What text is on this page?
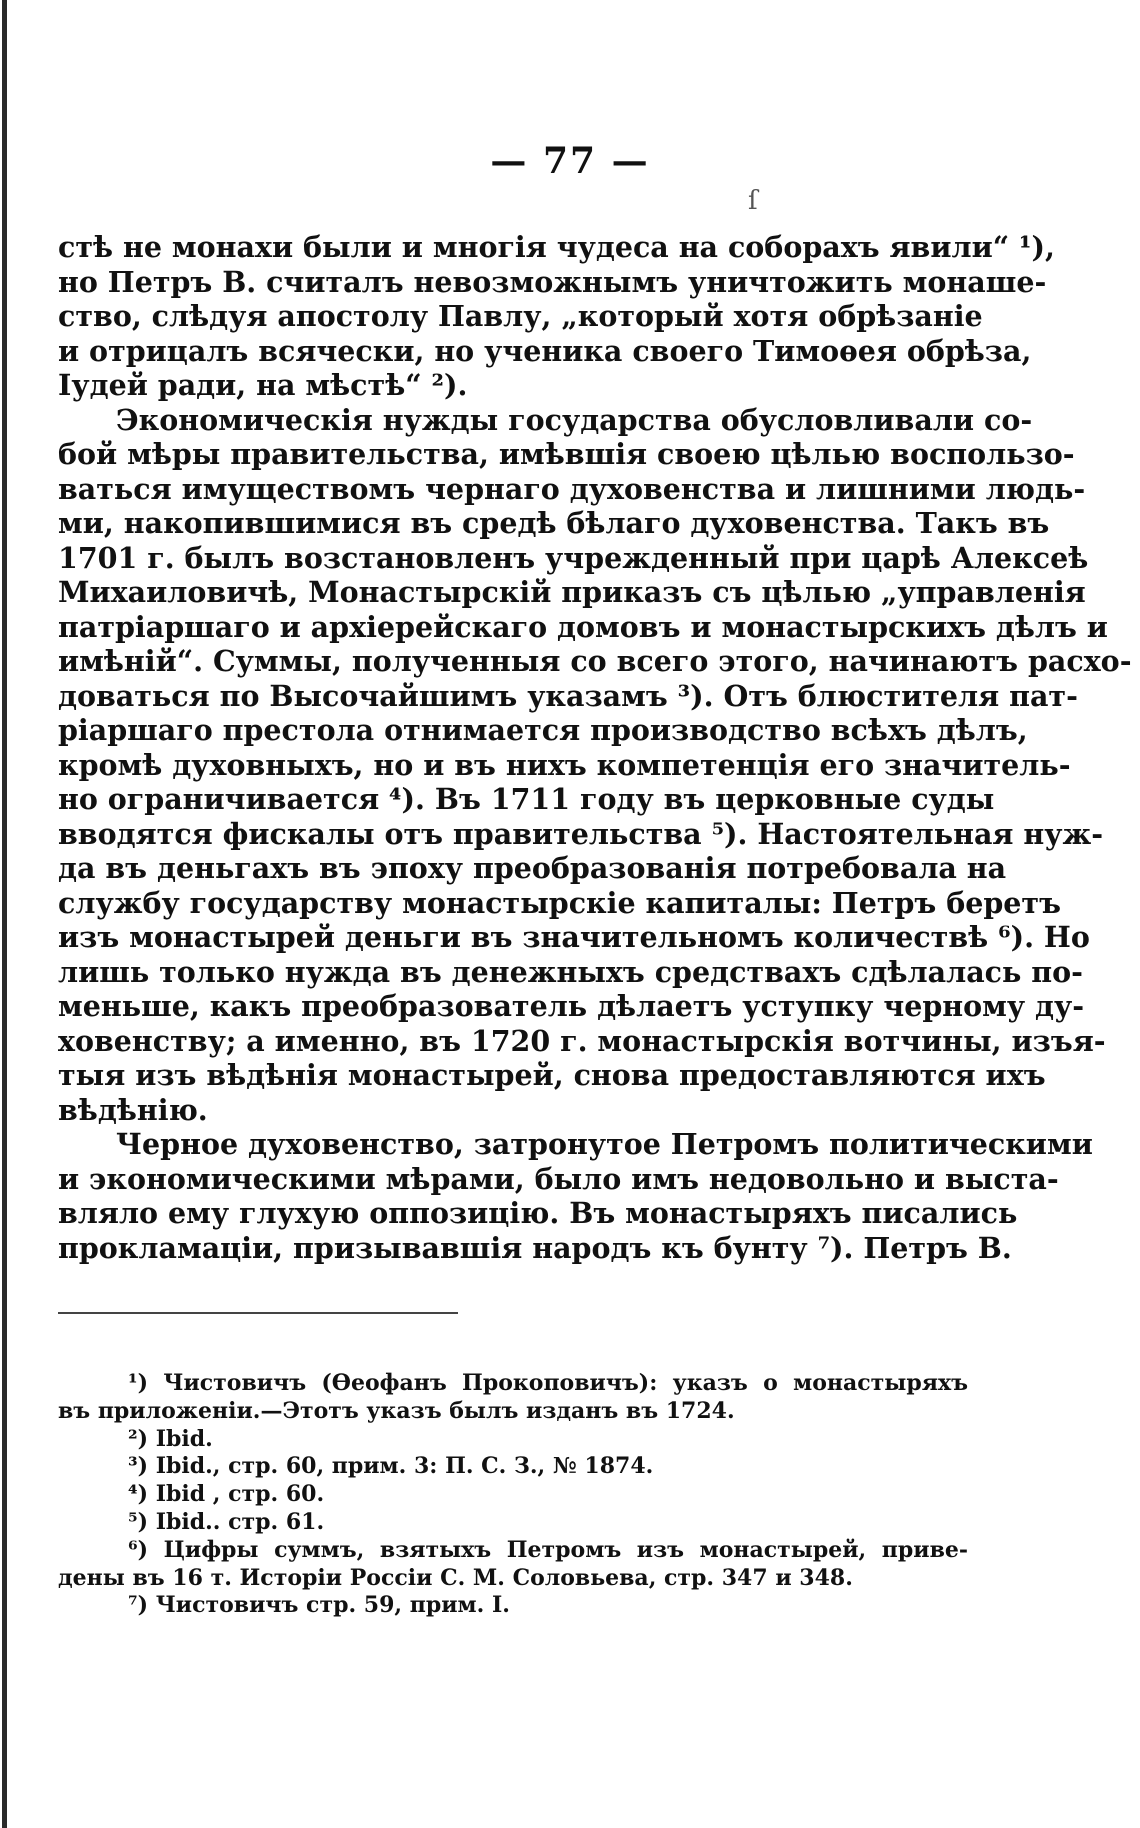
— 77 —
ſ
стѣ не монахи были и многія чудеса на соборахъ явили“ ¹),
но Петръ В. считалъ невозможнымъ уничтожить монаше-
ство, слѣдуя апостолу Павлу, „который хотя обрѣзаніе
и отрицалъ всячески, но ученика своего Тимоѳея обрѣза,
Іудей ради, на мѣстѣ“ ²).
Экономическія нужды государства обусловливали со-
бой мѣры правительства, имѣвшія своею цѣлью воспользо-
ваться имуществомъ чернаго духовенства и лишними людь-
ми, накопившимися въ средѣ бѣлаго духовенства. Такъ въ
1701 г. былъ возстановленъ учрежденный при царѣ Алексеѣ
Михаиловичѣ, Монастырскій приказъ съ цѣлью „управленія
патріаршаго и архіерейскаго домовъ и монастырскихъ дѣлъ и
имѣній“. Суммы, полученныя со всего этого, начинаютъ расхо-
доваться по Высочайшимъ указамъ ³). Отъ блюстителя пат-
ріаршаго престола отнимается производство всѣхъ дѣлъ,
кромѣ духовныхъ, но и въ нихъ компетенція его значитель-
но ограничивается ⁴). Въ 1711 году въ церковные суды
вводятся фискалы отъ правительства ⁵). Настоятельная нуж-
да въ деньгахъ въ эпоху преобразованія потребовала на
службу государству монастырскіе капиталы: Петръ беретъ
изъ монастырей деньги въ значительномъ количествѣ ⁶). Но
лишь только нужда въ денежныхъ средствахъ сдѣлалась по-
меньше, какъ преобразователь дѣлаетъ уступку черному ду-
ховенству; а именно, въ 1720 г. монастырскія вотчины, изъя-
тыя изъ вѣдѣнія монастырей, снова предоставляются ихъ
вѣдѣнію.
Черное духовенство, затронутое Петромъ политическими
и экономическими мѣрами, было имъ недовольно и выста-
вляло ему глухую оппозицію. Въ монастыряхъ писались
прокламаціи, призывавшія народъ къ бунту ⁷). Петръ В.
¹) Чистовичъ (Ѳеофанъ Прокоповичъ): указъ о монастыряхъ
въ приложеніи.—Этотъ указъ былъ изданъ въ 1724.
²) Ibid.
³) Ibid., стр. 60, прим. 3: П. С. З., № 1874.
⁴) Ibid , стр. 60.
⁵) Ibid.. стр. 61.
⁶) Цифры суммъ, взятыхъ Петромъ изъ монастырей, приве-
дены въ 16 т. Исторіи Россіи С. М. Соловьева, стр. 347 и 348.
⁷) Чистовичъ стр. 59, прим. I.
